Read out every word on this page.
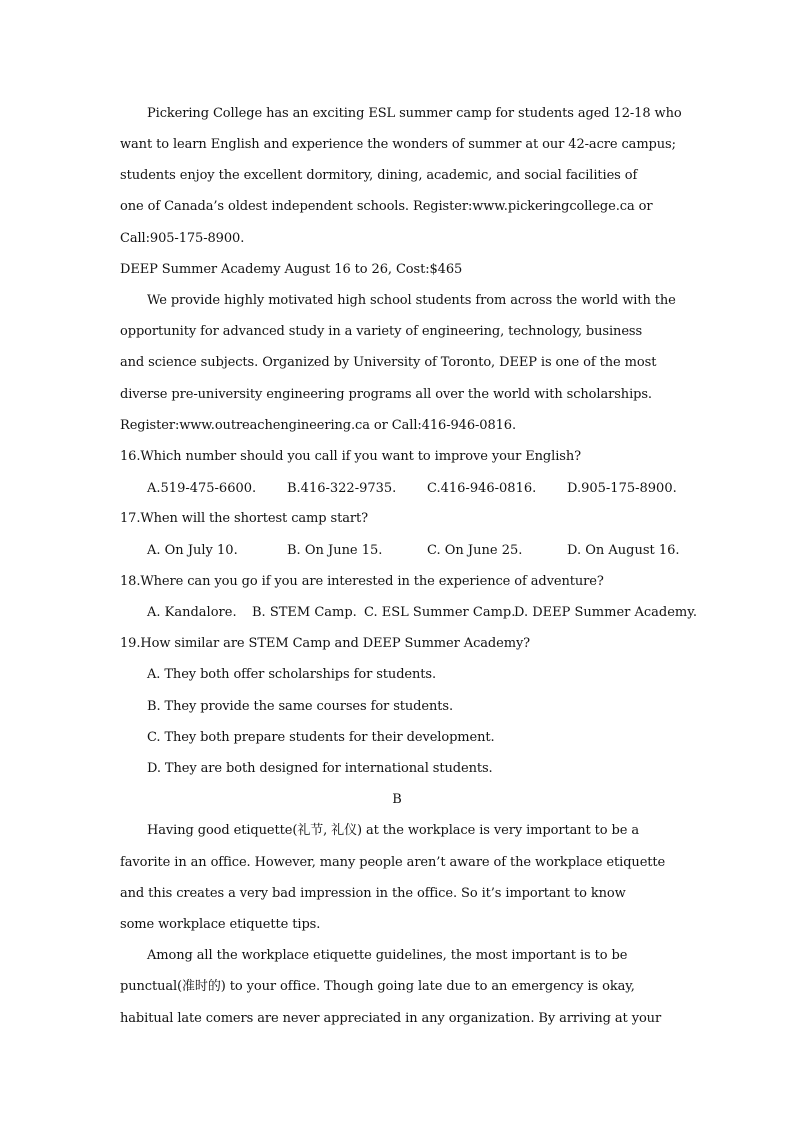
Pickering College has an exciting ESL summer camp for students aged 12-18 who
want to learn English and experience the wonders of summer at our 42-acre campus;
students enjoy the excellent dormitory, dining, academic, and social facilities of
one of Canada’s oldest independent schools. Register:www.pickeringcollege.ca or
Call:905-175-8900.
DEEP Summer Academy August 16 to 26, Cost:$465
We provide highly motivated high school students from across the world with the
opportunity for advanced study in a variety of engineering, technology, business
and science subjects. Organized by University of Toronto, DEEP is one of the most
diverse pre-university engineering programs all over the world with scholarships.
Register:www.outreachengineering.ca or Call:416-946-0816.
16.Which number should you call if you want to improve your English?
A.519-475-6600. B.416-322-9735. C.416-946-0816. D.905-175-8900.
17.When will the shortest camp start?
A. On July 10.	B. On June 15.	C. On June 25.	D. On August 16.
18.Where can you go if you are interested in the experience of adventure?
A. Kandalore. B. STEM Camp. C. ESL Summer Camp.
D. DEEP Summer Academy.
19.How similar are STEM Camp and DEEP Summer Academy?
A. They both offer scholarships for students.
B. They provide the same courses for students.
C. They both prepare students for their development.
D. They are both designed for international students.
B
Having good etiquette(礼节, 礼仪) at the workplace is very important to be a
favorite in an office. However, many people aren’t aware of the workplace etiquette
and this creates a very bad impression in the office. So it’s important to know
some workplace etiquette tips.
Among all the workplace etiquette guidelines, the most important is to be
punctual(准时的) to your office. Though going late due to an emergency is okay,
habitual late comers are never appreciated in any organization. By arriving at your
